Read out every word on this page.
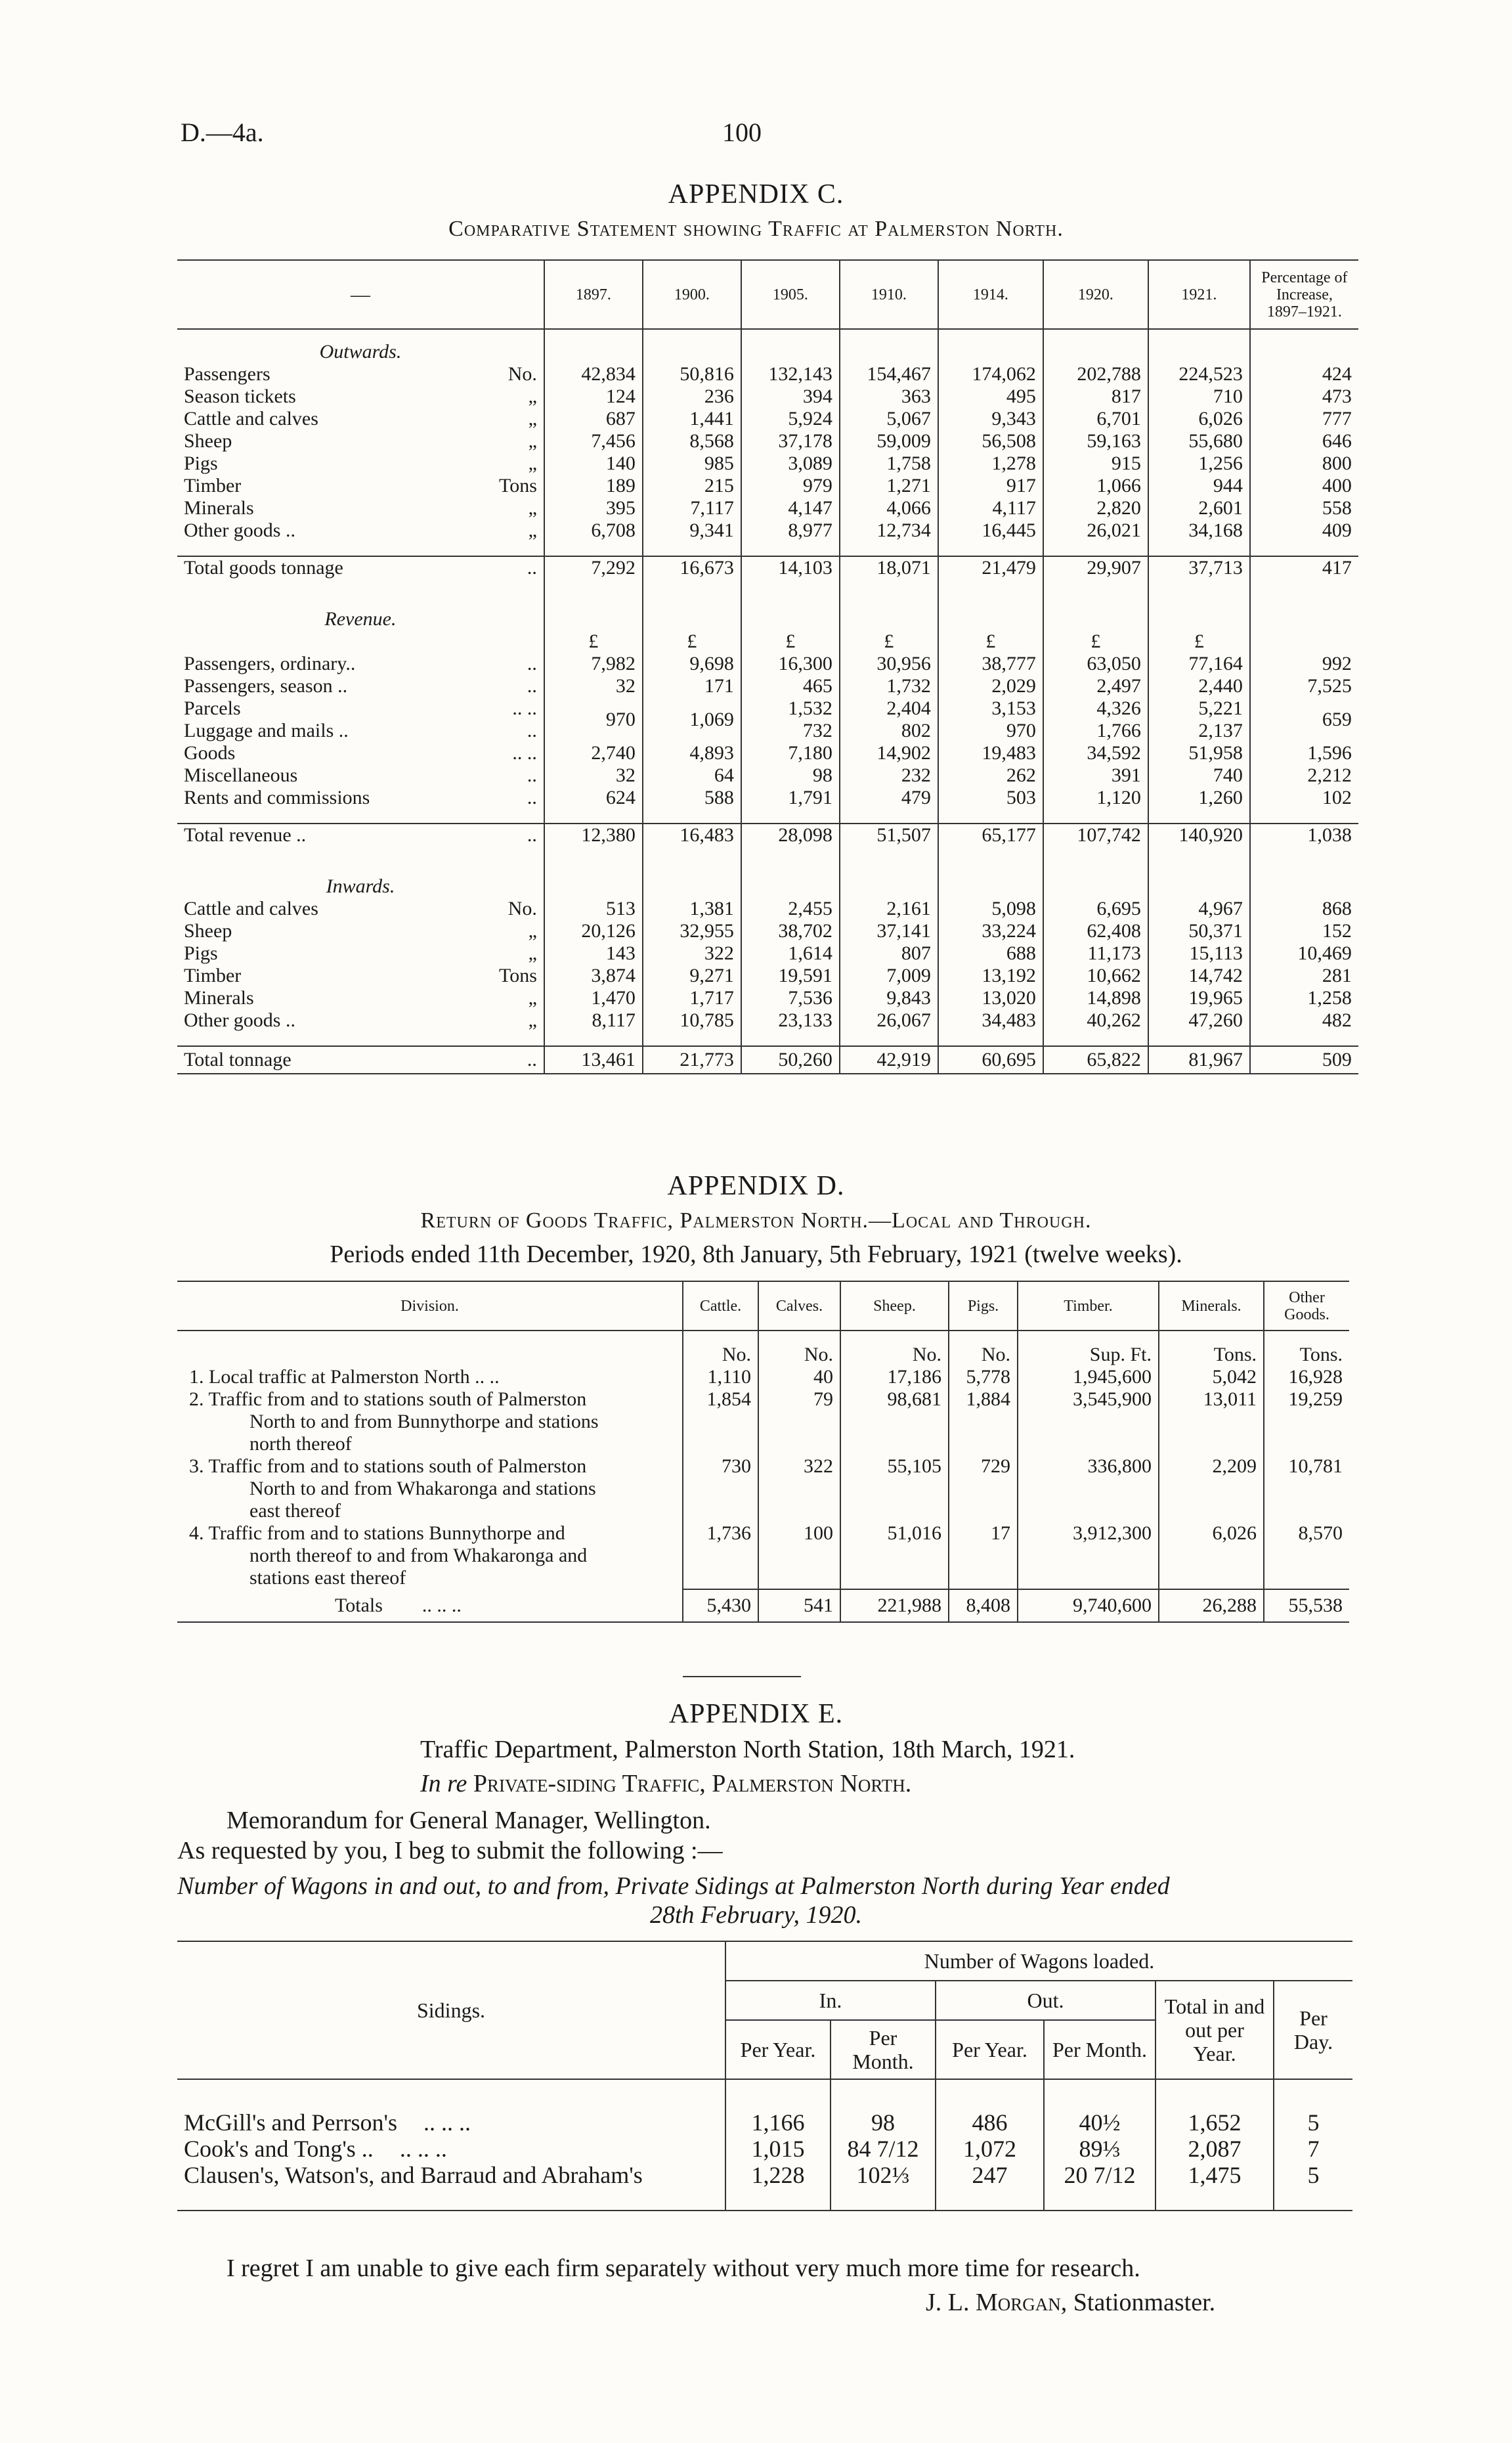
D.—4a.	100
APPENDIX C.
Comparative Statement showing Traffic at Palmerston North.
—		1897.	1900.	1905.	1910.	1914.	1920.	1921.	Percentage of Increase, 1897–1921.

Outwards.									
Passengers	No.	42,834	50,816	132,143	154,467	174,062	202,788	224,523	424
Season tickets	„	124	236	394	363	495	817	710	473
Cattle and calves	„	687	1,441	5,924	5,067	9,343	6,701	6,026	777
Sheep	„	7,456	8,568	37,178	59,009	56,508	59,163	55,680	646
Pigs	„	140	985	3,089	1,758	1,278	915	1,256	800
Timber	Tons	189	215	979	1,271	917	1,066	944	400
Minerals	„	395	7,117	4,147	4,066	4,117	2,820	2,601	558
Other goods ..	„	6,708	9,341	8,977	12,734	16,445	26,021	34,168	409

Total goods tonnage	..	7,292	16,673	14,103	18,071	21,479	29,907	37,713	417

Revenue.									
		£	£	£	£	£	£	£	
Passengers, ordinary..	..	7,982	9,698	16,300	30,956	38,777	63,050	77,164	992
Passengers, season ..	..	32	171	465	1,732	2,029	2,497	2,440	7,525
Parcels	.. ..	970	1,069	1,532	2,404	3,153	4,326	5,221	659
Luggage and mails ..	..			732	802	970	1,766	2,137	
Goods	.. ..	2,740	4,893	7,180	14,902	19,483	34,592	51,958	1,596
Miscellaneous	..	32	64	98	232	262	391	740	2,212
Rents and commissions	..	624	588	1,791	479	503	1,120	1,260	102

Total revenue ..	..	12,380	16,483	28,098	51,507	65,177	107,742	140,920	1,038

Inwards.									
Cattle and calves	No.	513	1,381	2,455	2,161	5,098	6,695	4,967	868
Sheep	„	20,126	32,955	38,702	37,141	33,224	62,408	50,371	152
Pigs	„	143	322	1,614	807	688	11,173	15,113	10,469
Timber	Tons	3,874	9,271	19,591	7,009	13,192	10,662	14,742	281
Minerals	„	1,470	1,717	7,536	9,843	13,020	14,898	19,965	1,258
Other goods ..	„	8,117	10,785	23,133	26,067	34,483	40,262	47,260	482

Total tonnage	..	13,461	21,773	50,260	42,919	60,695	65,822	81,967	509
APPENDIX D.
Return of Goods Traffic, Palmerston North.—Local and Through.
Periods ended 11th December, 1920, 8th January, 5th February, 1921 (twelve weeks).
Division.	Cattle.	Calves.	Sheep.	Pigs.	Timber.	Minerals.	Other Goods.

	No.	No.	No.	No.	Sup. Ft.	Tons.	Tons.

1. Local traffic at Palmerston North .. ..	1,110	40	17,186	5,778	1,945,600	5,042	16,928

2. Traffic from and to stations south of Palmerston
North to and from Bunnythorpe and stations
north thereof	1,854	79	98,681	1,884	3,545,900	13,011	19,259

3. Traffic from and to stations south of Palmerston
North to and from Whakaronga and stations
east thereof	730	322	55,105	729	336,800	2,209	10,781

4. Traffic from and to stations Bunnythorpe and
north thereof to and from Whakaronga and
stations east thereof	1,736	100	51,016	17	3,912,300	6,026	8,570
Totals .. .. ..	5,430	541	221,988	8,408	9,740,600	26,288	55,538
APPENDIX E.
Traffic Department, Palmerston North Station, 18th March, 1921.
In re Private-siding Traffic, Palmerston North.
Memorandum for General Manager, Wellington.
As requested by you, I beg to submit the following :—
Number of Wagons in and out, to and from, Private Sidings at Palmerston North during Year ended
28th February, 1920.
Sidings.	Number of Wagons loaded.					
	In.		Out.		Total in and out per Year.	Per Day.
	Per Year.	Per Month.	Per Year.	Per Month.		

McGill's and Perrson's .. .. ..	1,166	98	486	40½	1,652	5
Cook's and Tong's .. .. .. ..	1,015	84 7/12	1,072	89⅓	2,087	7
Clausen's, Watson's, and Barraud and Abraham's	1,228	102⅓	247	20 7/12	1,475	5

I regret I am unable to give each firm separately without very much more time for research.
J. L. Morgan, Stationmaster.
